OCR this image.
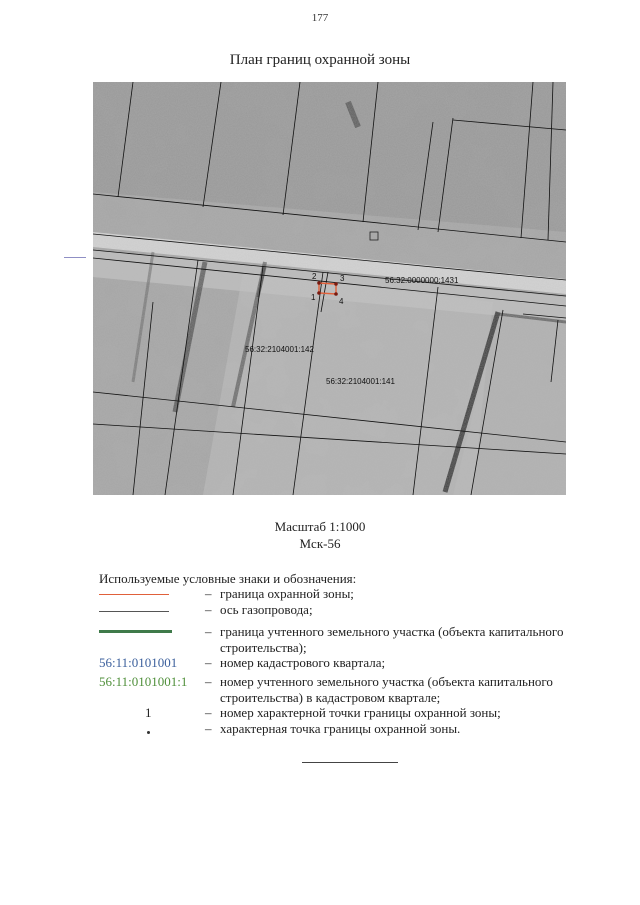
177
План границ охранной зоны
2	3
1	4
56:32:0000000:1431
56:32:2104001:142
56:32:2104001:141
Масштаб 1:1000
Мск-56
Используемые условные знаки и обозначения:
– граница охранной зоны;
– ось газопровода;
– граница учтенного земельного участка (объекта капитального строительства);
56:11:0101001 – номер кадастрового квартала;
56:11:0101001:1 – номер учтенного земельного участка (объекта капитального строительства) в кадастровом квартале;
1	– номер характерной точки границы охранной зоны;
– характерная точка границы охранной зоны.
